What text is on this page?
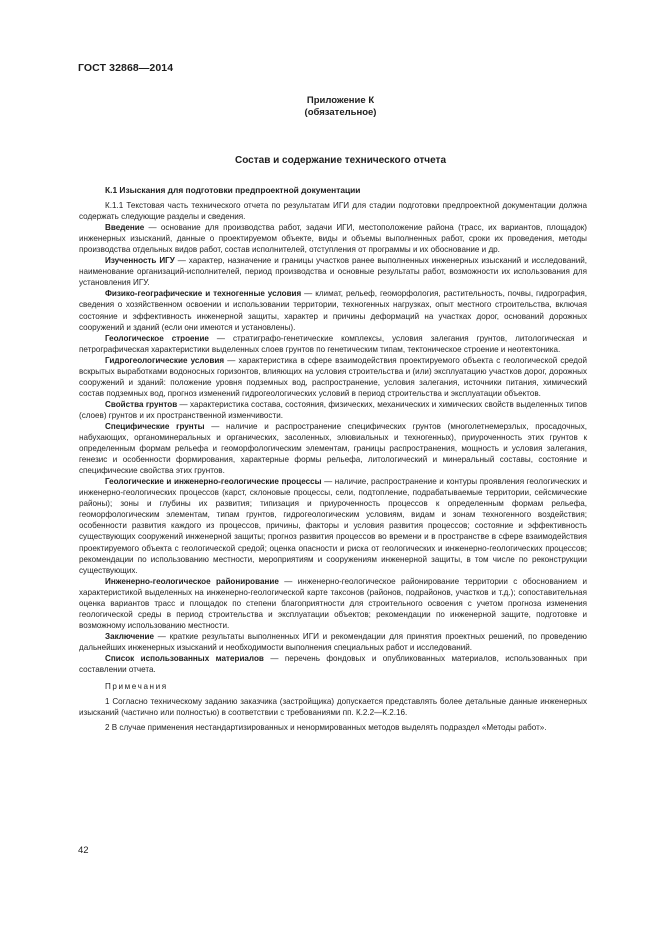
ГОСТ 32868—2014
Приложение К
(обязательное)
Состав и содержание технического отчета
К.1 Изыскания для подготовки предпроектной документации

К.1.1 Текстовая часть технического отчета по результатам ИГИ для стадии подготовки предпроектной документации должна содержать следующие разделы и сведения.

Введение — основание для производства работ, задачи ИГИ, местоположение района (трасс, их вариантов, площадок) инженерных изысканий, данные о проектируемом объекте, виды и объемы выполненных работ, сроки их проведения, методы производства отдельных видов работ, состав исполнителей, отступления от программы и их обоснование и др.

Изученность ИГУ — характер, назначение и границы участков ранее выполненных инженерных изысканий и исследований, наименование организаций-исполнителей, период производства и основные результаты работ, возможности их использования для установления ИГУ.

Физико-географические и техногенные условия — климат, рельеф, геоморфология, растительность, почвы, гидрография, сведения о хозяйственном освоении и использовании территории, техногенных нагрузках, опыт местного строительства, включая состояние и эффективность инженерной защиты, характер и причины деформаций на участках дорог, оснований дорожных сооружений и зданий (если они имеются и установлены).

Геологическое строение — стратиграфо-генетические комплексы, условия залегания грунтов, литологическая и петрографическая характеристики выделенных слоев грунтов по генетическим типам, тектоническое строение и неотектоника.

Гидрогеологические условия — характеристика в сфере взаимодействия проектируемого объекта с геологической средой вскрытых выработками водоносных горизонтов, влияющих на условия строительства и (или) эксплуатацию участков дорог, дорожных сооружений и зданий: положение уровня подземных вод, распространение, условия залегания, источники питания, химический состав подземных вод, прогноз изменений гидрогеологических условий в период строительства и эксплуатации объектов.

Свойства грунтов — характеристика состава, состояния, физических, механических и химических свойств выделенных типов (слоев) грунтов и их пространственной изменчивости.

Специфические грунты — наличие и распространение специфических грунтов (многолетнемерзлых, просадочных, набухающих, органоминеральных и органических, засоленных, элювиальных и техногенных), приуроченность этих грунтов к определенным формам рельефа и геоморфологическим элементам, границы распространения, мощность и условия залегания, генезис и особенности формирования, характерные формы рельефа, литологический и минеральный составы, состояние и специфические свойства этих грунтов.

Геологические и инженерно-геологические процессы — наличие, распространение и контуры проявления геологических и инженерно-геологических процессов (карст, склоновые процессы, сели, подтопление, подрабатываемые территории, сейсмические районы); зоны и глубины их развития; типизация и приуроченность процессов к определенным формам рельефа, геоморфологическим элементам, типам грунтов, гидрогеологическим условиям, видам и зонам техногенного воздействия; особенности развития каждого из процессов, причины, факторы и условия развития процессов; состояние и эффективность существующих сооружений инженерной защиты; прогноз развития процессов во времени и в пространстве в сфере взаимодействия проектируемого объекта с геологической средой; оценка опасности и риска от геологических и инженерно-геологических процессов; рекомендации по использованию местности, мероприятиям и сооружениям инженерной защиты, в том числе по реконструкции существующих.

Инженерно-геологическое районирование — инженерно-геологическое районирование территории с обоснованием и характеристикой выделенных на инженерно-геологической карте таксонов (районов, подрайонов, участков и т.д.); сопоставительная оценка вариантов трасс и площадок по степени благоприятности для строительного освоения с учетом прогноза изменения геологической среды в период строительства и эксплуатации объектов; рекомендации по инженерной защите, подготовке и возможному использованию местности.

Заключение — краткие результаты выполненных ИГИ и рекомендации для принятия проектных решений, по проведению дальнейших инженерных изысканий и необходимости выполнения специальных работ и исследований.

Список использованных материалов — перечень фондовых и опубликованных материалов, использованных при составлении отчета.

Примечания

1 Согласно техническому заданию заказчика (застройщика) допускается представлять более детальные данные инженерных изысканий (частично или полностью) в соответствии с требованиями пп. К.2.2—К.2.16.

2 В случае применения нестандартизированных и ненормированных методов выделять подраздел «Методы работ».

42
